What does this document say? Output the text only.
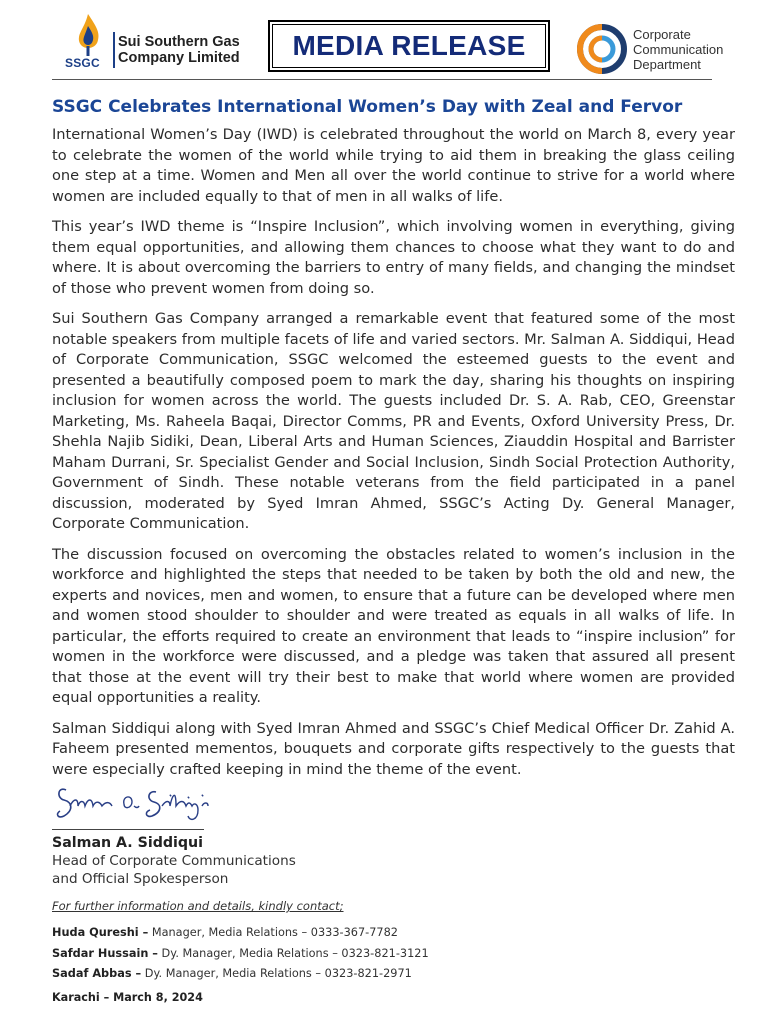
SSGC
Sui Southern Gas
Company Limited	MEDIA RELEASE	Corporate
Communication
Department
SSGC Celebrates International Women’s Day with Zeal and Fervor

International Women’s Day (IWD) is celebrated throughout the world on March 8, every year to celebrate the women of the world while trying to aid them in breaking the glass ceiling one step at a time. Women and Men all over the world continue to strive for a world where women are included equally to that of men in all walks of life.

This year’s IWD theme is “Inspire Inclusion”, which involving women in everything, giving them equal opportunities, and allowing them chances to choose what they want to do and where. It is about overcoming the barriers to entry of many fields, and changing the mindset of those who prevent women from doing so.

Sui Southern Gas Company arranged a remarkable event that featured some of the most notable speakers from multiple facets of life and varied sectors. Mr. Salman A. Siddiqui, Head of Corporate Communication, SSGC welcomed the esteemed guests to the event and presented a beautifully composed poem to mark the day, sharing his thoughts on inspiring inclusion for women across the world. The guests included Dr. S. A. Rab, CEO, Greenstar Marketing, Ms. Raheela Baqai, Director Comms, PR and Events, Oxford University Press, Dr. Shehla Najib Sidiki, Dean, Liberal Arts and Human Sciences, Ziauddin Hospital and Barrister Maham Durrani, Sr. Specialist Gender and Social Inclusion, Sindh Social Protection Authority, Government of Sindh. These notable veterans from the field participated in a panel discussion, moderated by Syed Imran Ahmed, SSGC’s Acting Dy. General Manager, Corporate Communication.

The discussion focused on overcoming the obstacles related to women’s inclusion in the workforce and highlighted the steps that needed to be taken by both the old and new, the experts and novices, men and women, to ensure that a future can be developed where men and women stood shoulder to shoulder and were treated as equals in all walks of life. In particular, the efforts required to create an environment that leads to “inspire inclusion” for women in the workforce were discussed, and a pledge was taken that assured all present that those at the event will try their best to make that world where women are provided equal opportunities a reality.

Salman Siddiqui along with Syed Imran Ahmed and SSGC’s Chief Medical Officer Dr. Zahid A. Faheem presented mementos, bouquets and corporate gifts respectively to the guests that were especially crafted keeping in mind the theme of the event.

Salman A. Siddiqui
Head of Corporate Communications
and Official Spokesperson
For further information and details, kindly contact;
Huda Qureshi – Manager, Media Relations – 0333-367-7782
Safdar Hussain – Dy. Manager, Media Relations – 0323-821-3121
Sadaf Abbas – Dy. Manager, Media Relations – 0323-821-2971
Karachi – March 8, 2024
